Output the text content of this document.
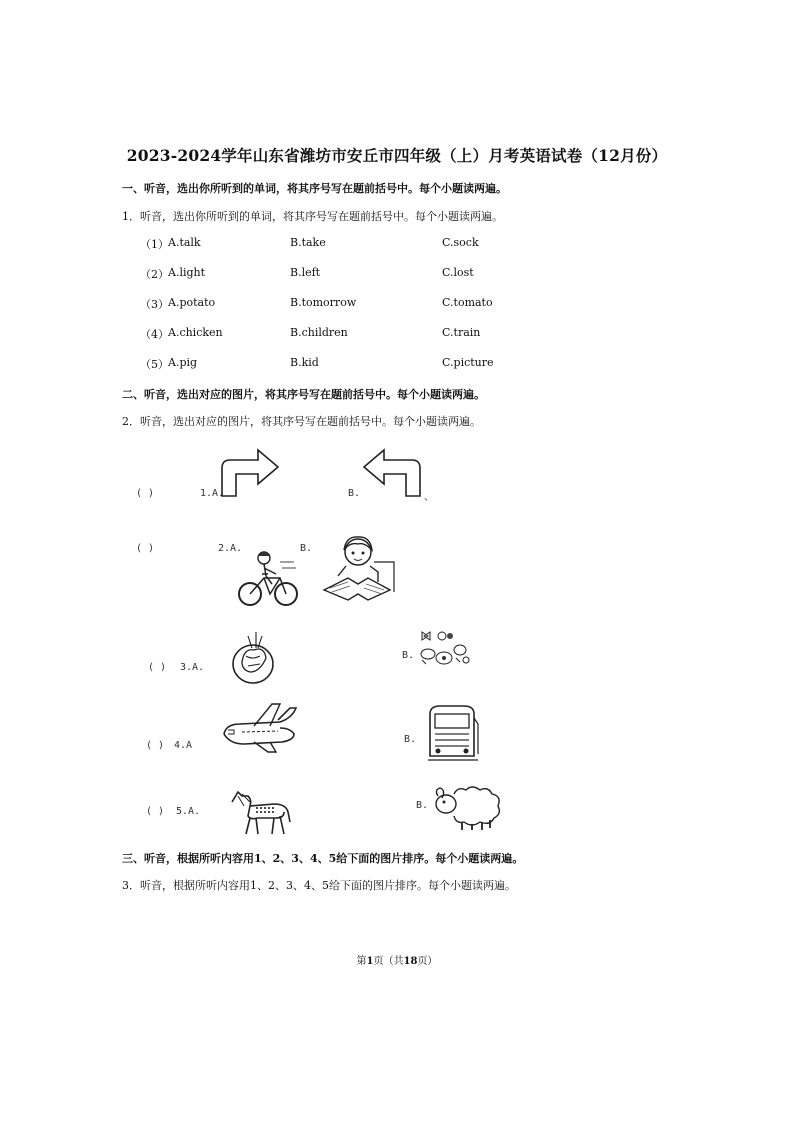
2023-2024学年山东省潍坊市安丘市四年级（上）月考英语试卷（12月份）
一、听音，选出你所听到的单词，将其序号写在题前括号中。每个小题读两遍。
1．听音，选出你所听到的单词，将其序号写在题前括号中。每个小题读两遍。
（1） A.talk	B.take	C.sock
（2） A.light	B.left	C.lost
（3） A.potato	B.tomorrow	C.tomato
（4） A.chicken	B.children	C.train
（5） A.pig	B.kid	C.picture
二、听音，选出对应的图片，将其序号写在题前括号中。每个小题读两遍。
2．听音，选出对应的图片，将其序号写在题前括号中。每个小题读两遍。
( )	1.A.	B.	、
( )	2.A.	B.
( ) 3.A.
B.
( ) 4.A
B.
( ) 5.A.
B.
三、听音，根据所听内容用1、2、3、4、5给下面的图片排序。每个小题读两遍。
3．听音，根据所听内容用1、2、3、4、5给下面的图片排序。每个小题读两遍。
第1页（共18页）
